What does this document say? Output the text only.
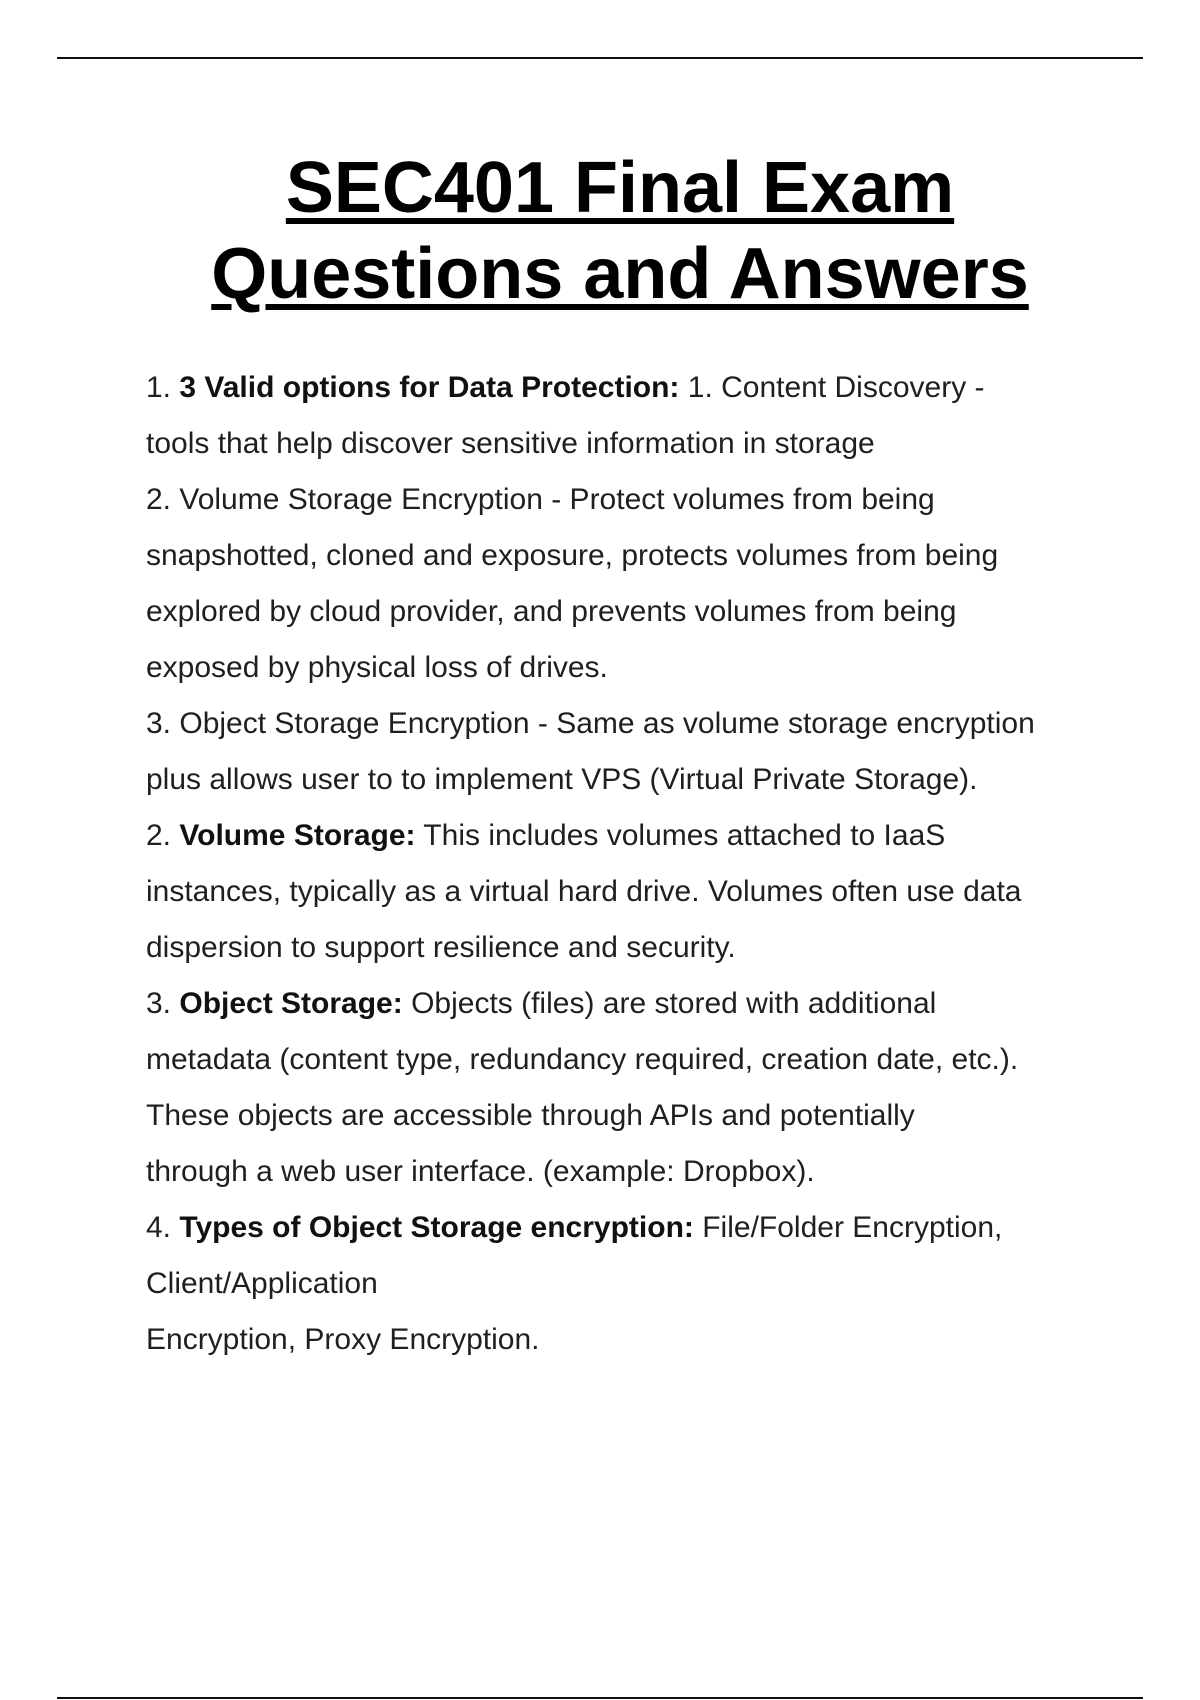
SEC401 Final Exam
Questions and Answers
1. 3 Valid options for Data Protection: 1. Content Discovery -
tools that help discover sensitive information in storage
2. Volume Storage Encryption - Protect volumes from being
snapshotted, cloned and exposure, protects volumes from being
explored by cloud provider, and prevents volumes from being
exposed by physical loss of drives.
3. Object Storage Encryption - Same as volume storage encryption
plus allows user to to implement VPS (Virtual Private Storage).
2. Volume Storage: This includes volumes attached to IaaS
instances, typically as a virtual hard drive. Volumes often use data
dispersion to support resilience and security.
3. Object Storage: Objects (files) are stored with additional
metadata (content type, redundancy required, creation date, etc.).
These objects are accessible through APIs and potentially
through a web user interface. (example: Dropbox).
4. Types of Object Storage encryption: File/Folder Encryption,
Client/Application
Encryption, Proxy Encryption.
